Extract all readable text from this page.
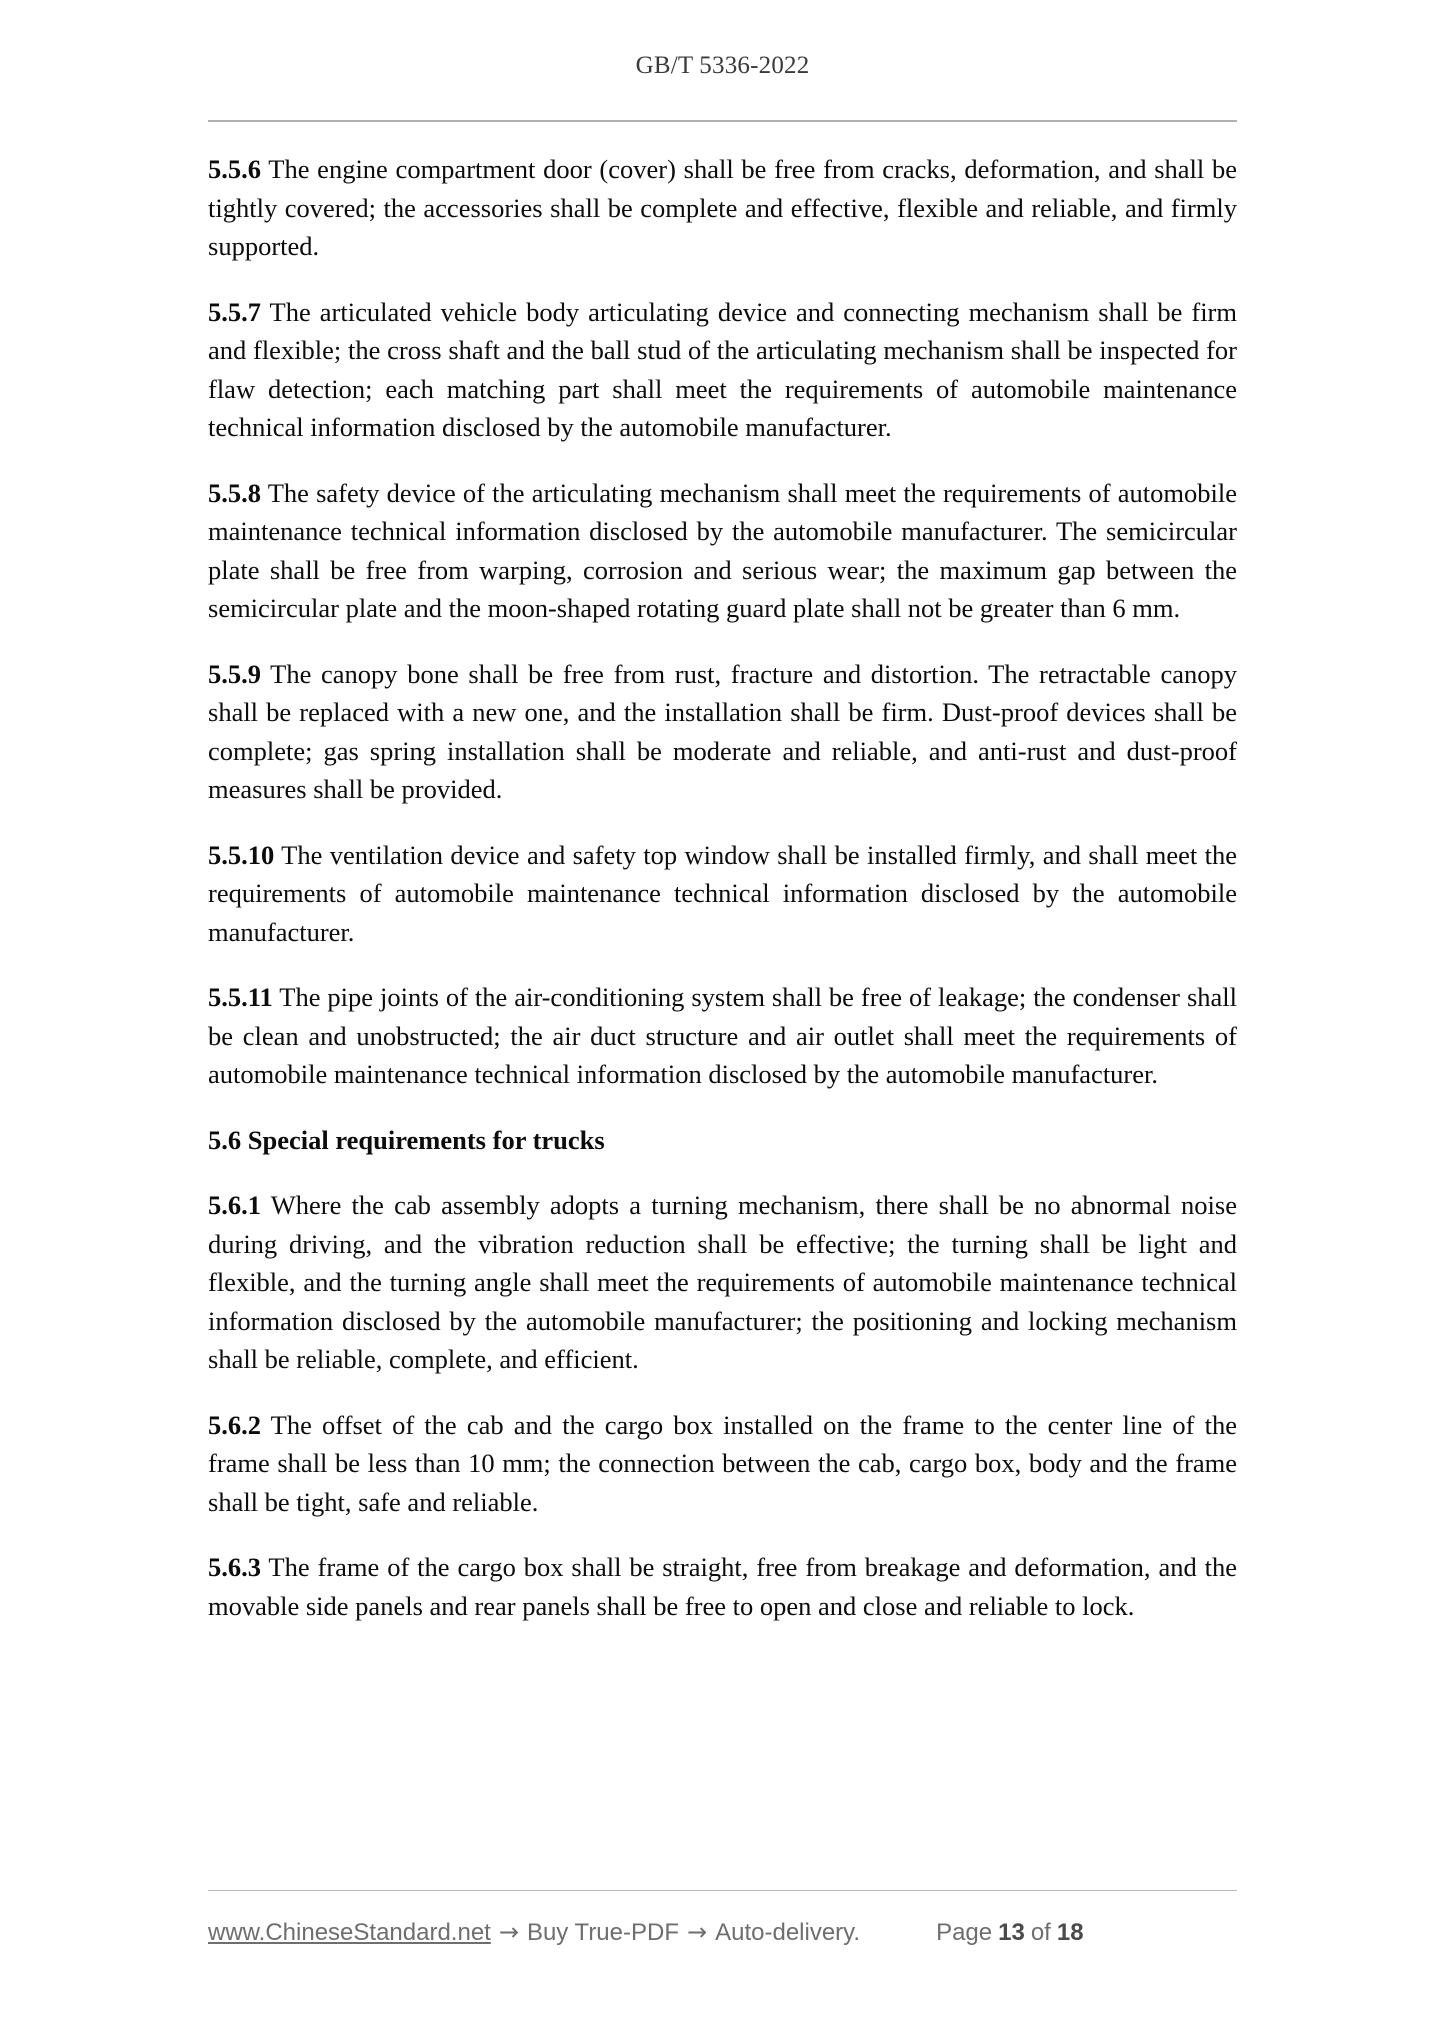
GB/T 5336-2022

5.5.6 The engine compartment door (cover) shall be free from cracks, deformation, and shall be tightly covered; the accessories shall be complete and effective, flexible and reliable, and firmly supported.

5.5.7 The articulated vehicle body articulating device and connecting mechanism shall be firm and flexible; the cross shaft and the ball stud of the articulating mechanism shall be inspected for flaw detection; each matching part shall meet the requirements of automobile maintenance technical information disclosed by the automobile manufacturer.

5.5.8 The safety device of the articulating mechanism shall meet the requirements of automobile maintenance technical information disclosed by the automobile manufacturer. The semicircular plate shall be free from warping, corrosion and serious wear; the maximum gap between the semicircular plate and the moon-shaped rotating guard plate shall not be greater than 6 mm.

5.5.9 The canopy bone shall be free from rust, fracture and distortion. The retractable canopy shall be replaced with a new one, and the installation shall be firm. Dust-proof devices shall be complete; gas spring installation shall be moderate and reliable, and anti-rust and dust-proof measures shall be provided.

5.5.10 The ventilation device and safety top window shall be installed firmly, and shall meet the requirements of automobile maintenance technical information disclosed by the automobile manufacturer.

5.5.11 The pipe joints of the air-conditioning system shall be free of leakage; the condenser shall be clean and unobstructed; the air duct structure and air outlet shall meet the requirements of automobile maintenance technical information disclosed by the automobile manufacturer.

5.6 Special requirements for trucks

5.6.1 Where the cab assembly adopts a turning mechanism, there shall be no abnormal noise during driving, and the vibration reduction shall be effective; the turning shall be light and flexible, and the turning angle shall meet the requirements of automobile maintenance technical information disclosed by the automobile manufacturer; the positioning and locking mechanism shall be reliable, complete, and efficient.

5.6.2 The offset of the cab and the cargo box installed on the frame to the center line of the frame shall be less than 10 mm; the connection between the cab, cargo box, body and the frame shall be tight, safe and reliable.

5.6.3 The frame of the cargo box shall be straight, free from breakage and deformation, and the movable side panels and rear panels shall be free to open and close and reliable to lock.

www.ChineseStandard.net → Buy True-PDF → Auto-delivery.	Page 13 of 18
